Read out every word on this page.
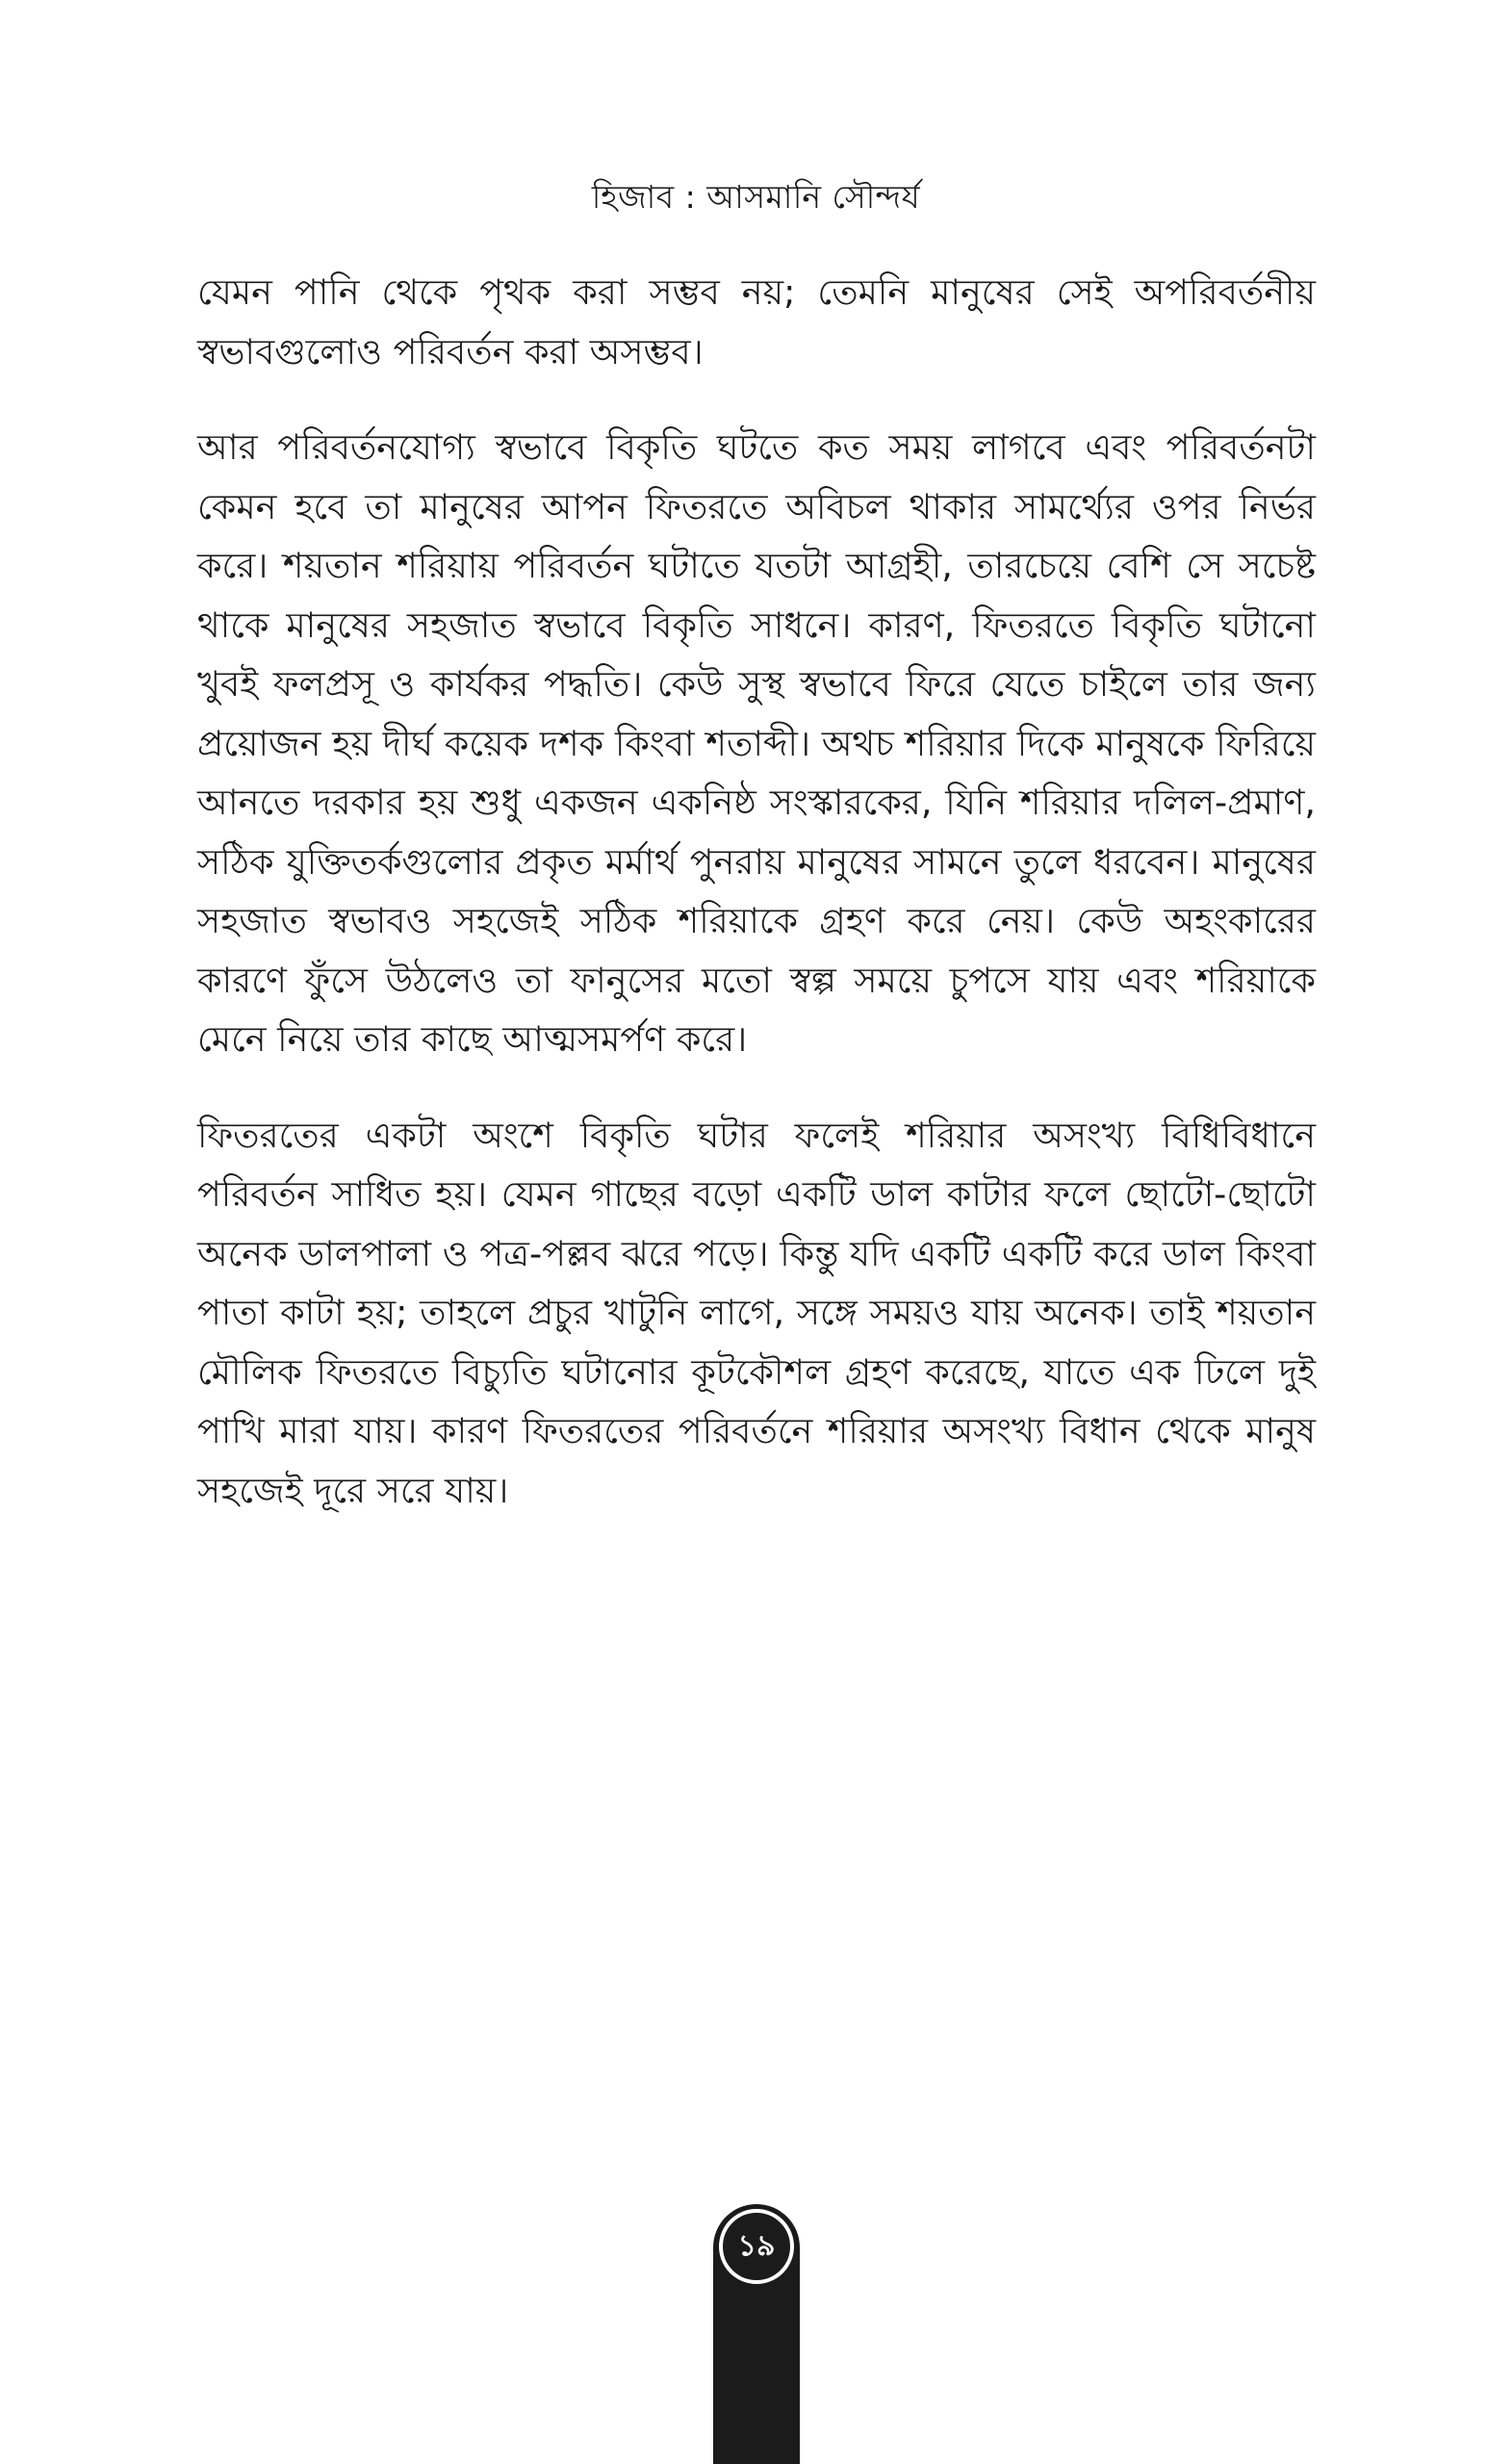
হিজাব : আসমানি সৌন্দর্য

যেমন পানি থেকে পৃথক করা সম্ভব নয়; তেমনি মানুষের সেই অপরিবর্তনীয় স্বভাবগুলোও পরিবর্তন করা অসম্ভব।

আর পরিবর্তনযোগ্য স্বভাবে বিকৃতি ঘটতে কত সময় লাগবে এবং পরিবর্তনটা কেমন হবে তা মানুষের আপন ফিতরতে অবিচল থাকার সামর্থ্যের ওপর নির্ভর করে। শয়তান শরিয়ায় পরিবর্তন ঘটাতে যতটা আগ্রহী, তারচেয়ে বেশি সে সচেষ্ট থাকে মানুষের সহজাত স্বভাবে বিকৃতি সাধনে। কারণ, ফিতরতে বিকৃতি ঘটানো খুবই ফলপ্রসূ ও কার্যকর পদ্ধতি। কেউ সুস্থ স্বভাবে ফিরে যেতে চাইলে তার জন্য প্রয়োজন হয় দীর্ঘ কয়েক দশক কিংবা শতাব্দী। অথচ শরিয়ার দিকে মানুষকে ফিরিয়ে আনতে দরকার হয় শুধু একজন একনিষ্ঠ সংস্কারকের, যিনি শরিয়ার দলিল-প্রমাণ, সঠিক যুক্তিতর্কগুলোর প্রকৃত মর্মার্থ পুনরায় মানুষের সামনে তুলে ধরবেন। মানুষের সহজাত স্বভাবও সহজেই সঠিক শরিয়াকে গ্রহণ করে নেয়। কেউ অহংকারের কারণে ফুঁসে উঠলেও তা ফানুসের মতো স্বল্প সময়ে চুপসে যায় এবং শরিয়াকে মেনে নিয়ে তার কাছে আত্মসমর্পণ করে।

ফিতরতের একটা অংশে বিকৃতি ঘটার ফলেই শরিয়ার অসংখ্য বিধিবিধানে পরিবর্তন সাধিত হয়। যেমন গাছের বড়ো একটি ডাল কাটার ফলে ছোটো-ছোটো অনেক ডালপালা ও পত্র-পল্লব ঝরে পড়ে। কিন্তু যদি একটি একটি করে ডাল কিংবা পাতা কাটা হয়; তাহলে প্রচুর খাটুনি লাগে, সঙ্গে সময়ও যায় অনেক। তাই শয়তান মৌলিক ফিতরতে বিচ্যুতি ঘটানোর কূটকৌশল গ্রহণ করেছে, যাতে এক ঢিলে দুই পাখি মারা যায়। কারণ ফিতরতের পরিবর্তনে শরিয়ার অসংখ্য বিধান থেকে মানুষ সহজেই দূরে সরে যায়।

১৯
